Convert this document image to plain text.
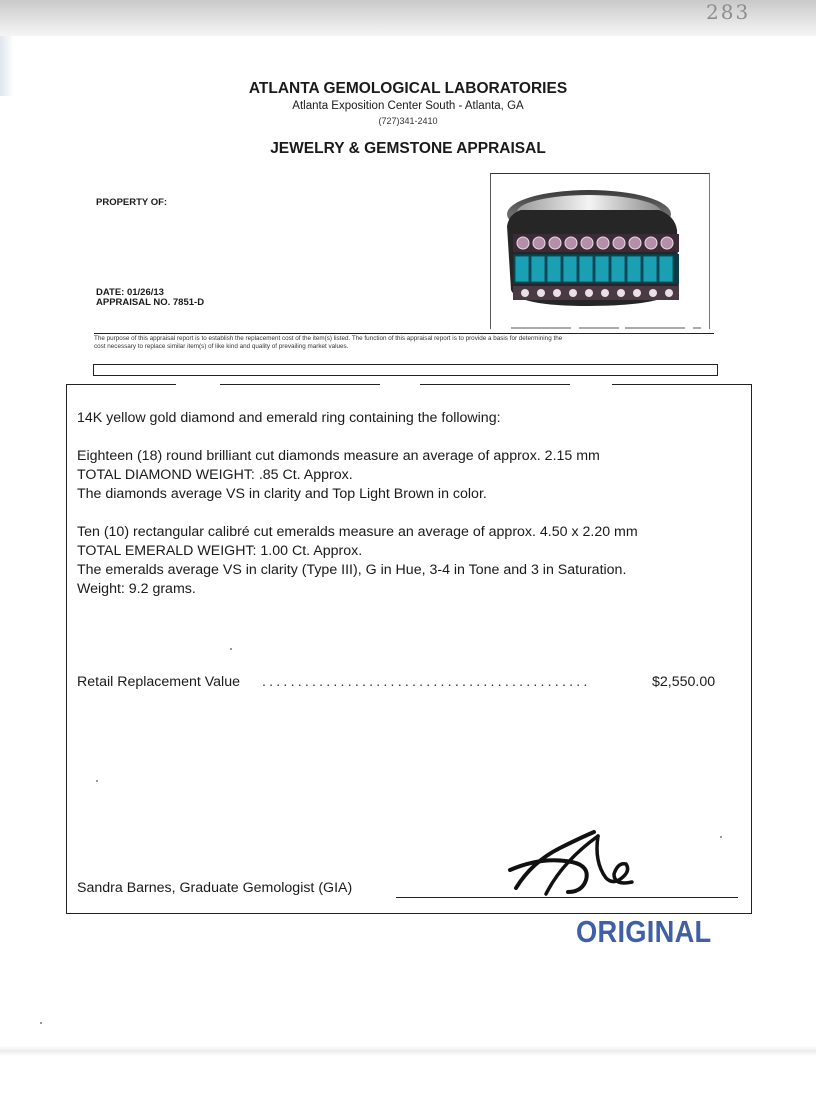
283
ATLANTA GEMOLOGICAL LABORATORIES
Atlanta Exposition Center South - Atlanta, GA
(727)341-2410
JEWELRY & GEMSTONE APPRAISAL
PROPERTY OF:
DATE: 01/26/13
APPRAISAL NO. 7851-D
The purpose of this appraisal report is to establish the replacement cost of the item(s) listed. The function of this appraisal report is to provide a basis for determining the
cost necessary to replace similar item(s) of like kind and quality of prevailing market values.
14K yellow gold diamond and emerald ring containing the following:
Eighteen (18) round brilliant cut diamonds measure an average of approx. 2.15 mm
TOTAL DIAMOND WEIGHT: .85 Ct. Approx.
The diamonds average VS in clarity and Top Light Brown in color.
Ten (10) rectangular calibré cut emeralds measure an average of approx. 4.50 x 2.20 mm
TOTAL EMERALD WEIGHT: 1.00 Ct. Approx.
The emeralds average VS in clarity (Type III), G in Hue, 3-4 in Tone and 3 in Saturation.
Weight: 9.2 grams.
Retail Replacement Value ..............................................	$2,550.00
Sandra Barnes, Graduate Gemologist (GIA)
ORIGINAL
